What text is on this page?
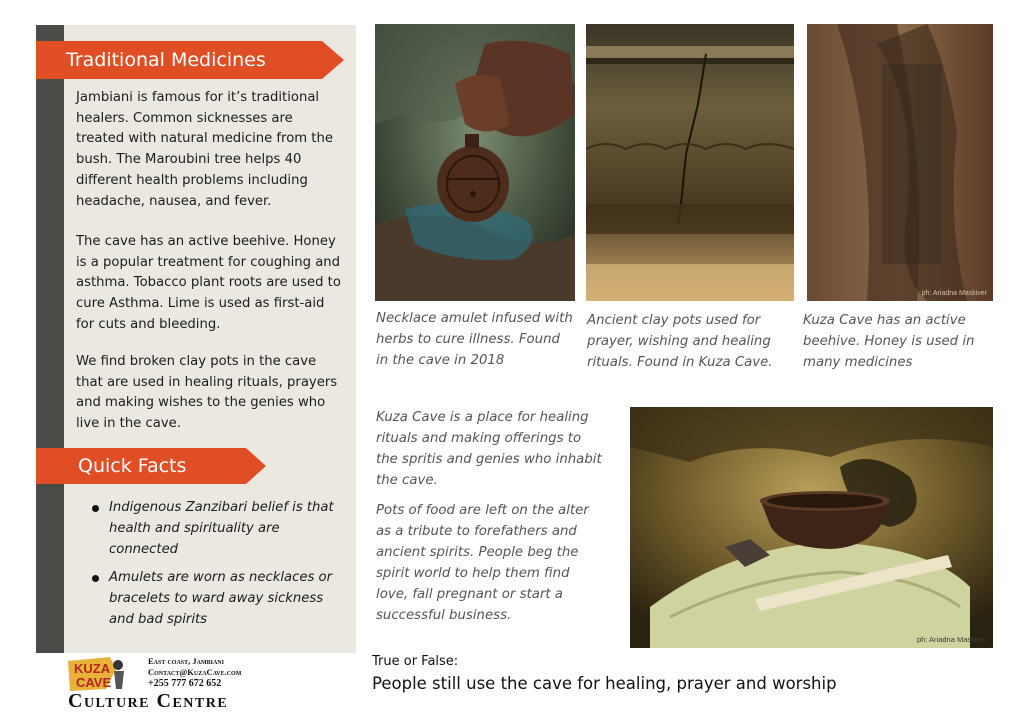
Traditional Medicines

Jambiani is famous for it’s traditional healers. Common sicknesses are treated with natural medicine from the bush. The Maroubini tree helps 40 different health problems including headache, nausea, and fever.

The cave has an active beehive. Honey is a popular treatment for coughing and asthma. Tobacco plant roots are used to cure Asthma. Lime is used as first-aid for cuts and bleeding.

We find broken clay pots in the cave that are used in healing rituals, prayers and making wishes to the genies who live in the cave.

Quick Facts
Indigenous Zanzibari belief is that health and spirituality are connected
Amulets are worn as necklaces or bracelets to ward away sickness and bad spirits
ph: Ariadna Maskiver

Necklace amulet infused with herbs to cure illness. Found in the cave in 2018

Ancient clay pots used for prayer, wishing and healing rituals. Found in Kuza Cave.

Kuza Cave has an active beehive. Honey is used in many medicines

Kuza Cave is a place for healing rituals and making offerings to the spritis and genies who inhabit the cave.

Pots of food are left on the alter as a tribute to forefathers and ancient spirits. People beg the spirit world to help them find love, fall pregnant or start a successful business.

ph: Ariadna Maskiver
KUZA
CAVE
East coast, Jambiani
Contact@KuzaCave.com
+255 777 672 652
Culture Centre
True or False:
People still use the cave for healing, prayer and worship
